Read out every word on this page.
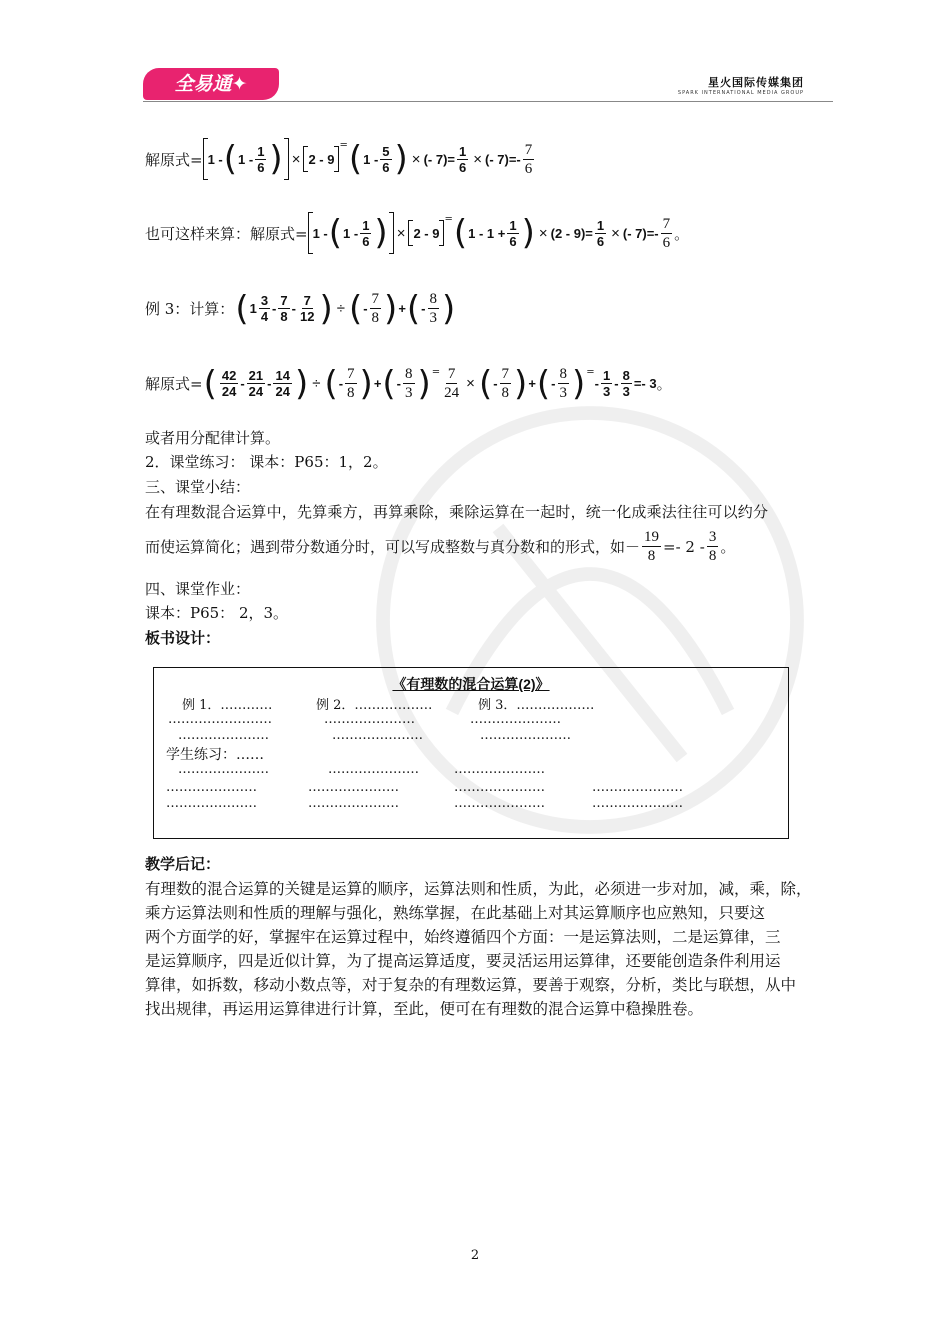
全易通✦	星火国际传媒集团
SPARK INTERNATIONAL MEDIA GROUP
解原式= 1 - ( $1 - \frac{1}{6}$ ) × 2 - 9
= ( $1 - \frac{5}{6}$ ) × (- $7)= \frac{1}{6}$ × (- $7)=- \frac{7}{6}$
也可这样来算：解原式= 1 - ( $1 - \frac{1}{6}$ ) × 2 - 9
= ( $1 - 1 + \frac{1}{6}$ ) × $(2 - 9)= \frac{1}{6}$ × (- $7)=- \frac{7}{6}$ 。
例 3：计算： ( $1 \frac{3}{4} - \frac{7}{8} - \frac{7}{12}$ ) ÷ ( - $\frac{7}{8}$ ) + ( - $\frac{8}{3}$ )
解原式= ( $\frac{42}{24} - \frac{21}{24} - \frac{14}{24}$ ) ÷ ( - $\frac{7}{8}$ ) + ( - $\frac{8}{3}$ ) = $\frac{7}{24}$ × ( - $\frac{7}{8}$ ) + ( - $\frac{8}{3}$ ) =
- $\frac{1}{3} - \frac{8}{3} =- 3$ 。
或者用分配律计算。
2．课堂练习： 课本：P65：1，2。
三、课堂小结：
在有理数混合运算中，先算乘方，再算乘除，乘除运算在一起时，统一化成乘法往往可以约分
而使运算简化；遇到带分数通分时，可以写成整数与真分数和的形式，如－ $\frac{19}{8} =- 2 - \frac{3}{8}$ 。
四、课堂作业：
课本：P65： 2，3。
板书设计：
《有理数的混合运算(2)》
例 1．…………	例 2．………………	例 3．………………
……………………	…………………	…………………
…………………	…………………	…………………
学生练习：……
…………………	…………………	…………………
…………………	…………………	…………………	…………………
…………………	…………………	…………………	…………………
教学后记：
有理数的混合运算的关键是运算的顺序，运算法则和性质，为此，必须进一步对加，减，乘，除，
乘方运算法则和性质的理解与强化，熟练掌握，在此基础上对其运算顺序也应熟知，只要这
两个方面学的好，掌握牢在运算过程中，始终遵循四个方面：一是运算法则，二是运算律，三
是运算顺序，四是近似计算，为了提高运算适度，要灵活运用运算律，还要能创造条件利用运
算律，如拆数，移动小数点等，对于复杂的有理数运算，要善于观察，分析，类比与联想，从中
找出规律，再运用运算律进行计算，至此，便可在有理数的混合运算中稳操胜卷。
2
